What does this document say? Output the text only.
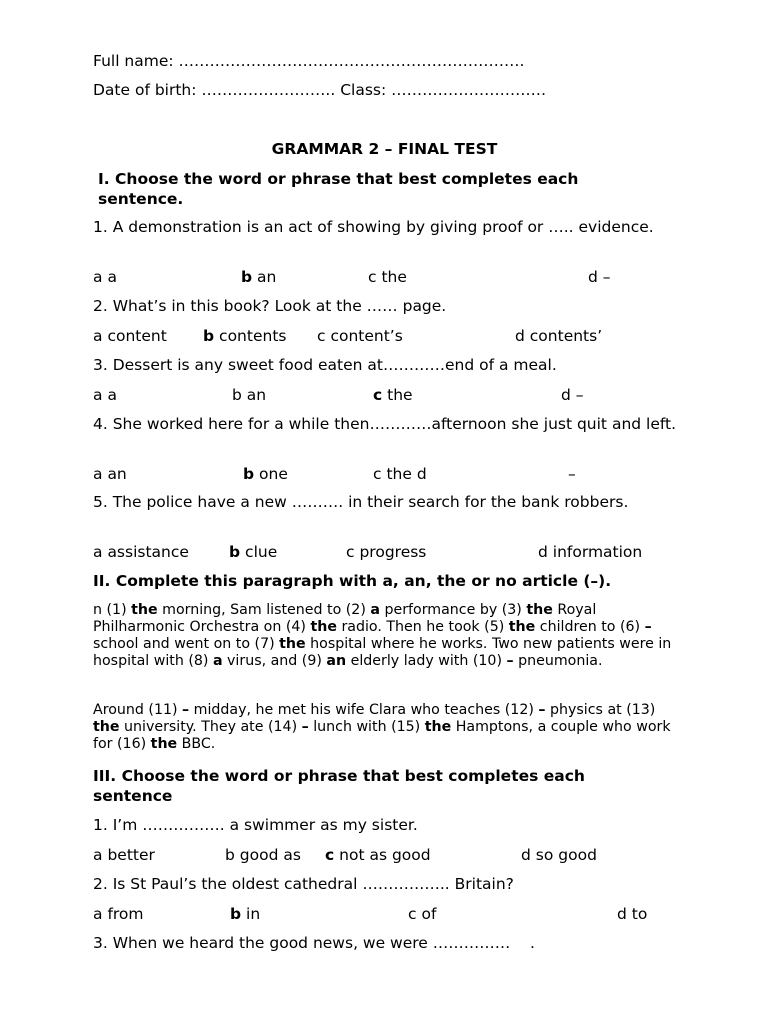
Full name: ………………………………………………………….
Date of birth: …………………….. Class: …………………………
GRAMMAR 2 – FINAL TEST
I. Choose the word or phrase that best completes each sentence.
1. A demonstration is an act of showing by giving proof or ….. evidence.
a a	b an	c the	d –
2. What’s in this book? Look at the …… page.
a content b contents c content’s	d contents’
3. Dessert is any sweet food eaten at…………end of a meal.
a a	b an	c the	d –
4. She worked here for a while then…………afternoon she just quit and left.
a an	b one	c the d	–
5. The police have a new ………. in their search for the bank robbers.
a assistance	b clue	c progress	d information
II. Complete this paragraph with a, an, the or no article (–).
n (1) the morning, Sam listened to (2) a performance by (3) the Royal Philharmonic Orchestra on (4) the radio. Then he took (5) the children to (6) – school and went on to (7) the hospital where he works. Two new patients were in hospital with (8) a virus, and (9) an elderly lady with (10) – pneumonia.
Around (11) – midday, he met his wife Clara who teaches (12) – physics at (13) the university. They ate (14) – lunch with (15) the Hamptons, a couple who work for (16) the BBC.
III. Choose the word or phrase that best completes each sentence
1. I’m ……………. a swimmer as my sister.
a better	b good as c not as good	d so good
2. Is St Paul’s the oldest cathedral …………….. Britain?
a from	b in	c of	d to
3. When we heard the good news, we were ……………    .
